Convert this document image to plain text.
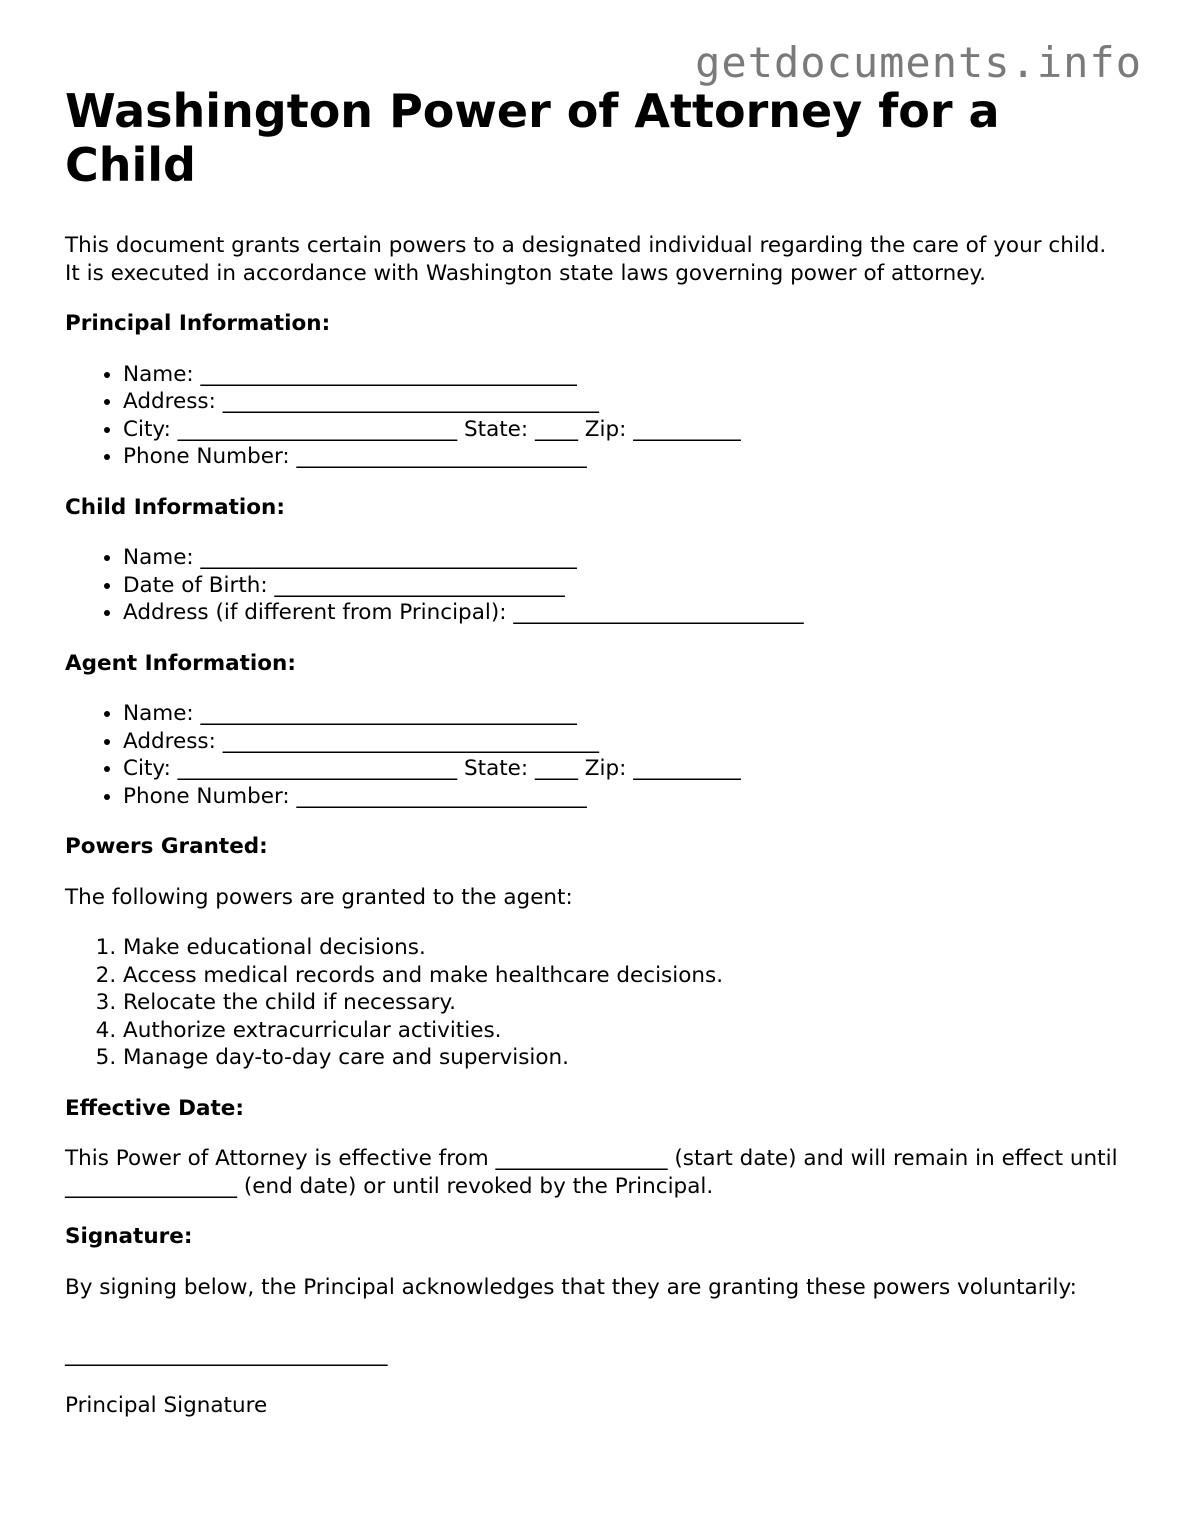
getdocuments.info
Washington Power of Attorney for a Child

This document grants certain powers to a designated individual regarding the care of your child. It is executed in accordance with Washington state laws governing power of attorney.

Principal Information:
• Name: ___________________________________
• Address: ___________________________________
• City: __________________________ State: ____ Zip: __________
• Phone Number: ___________________________
Child Information:
• Name: ___________________________________
• Date of Birth: ___________________________
• Address (if different from Principal): ___________________________
Agent Information:
• Name: ___________________________________
• Address: ___________________________________
• City: __________________________ State: ____ Zip: __________
• Phone Number: ___________________________
Powers Granted:

The following powers are granted to the agent:

1. Make educational decisions.
2. Access medical records and make healthcare decisions.
3. Relocate the child if necessary.
4. Authorize extracurricular activities.
5. Manage day-to-day care and supervision.
Effective Date:

This Power of Attorney is effective from ________________ (start date) and will remain in effect until ________________ (end date) or until revoked by the Principal.

Signature:

By signing below, the Principal acknowledges that they are granting these powers voluntarily:

______________________________

Principal Signature
